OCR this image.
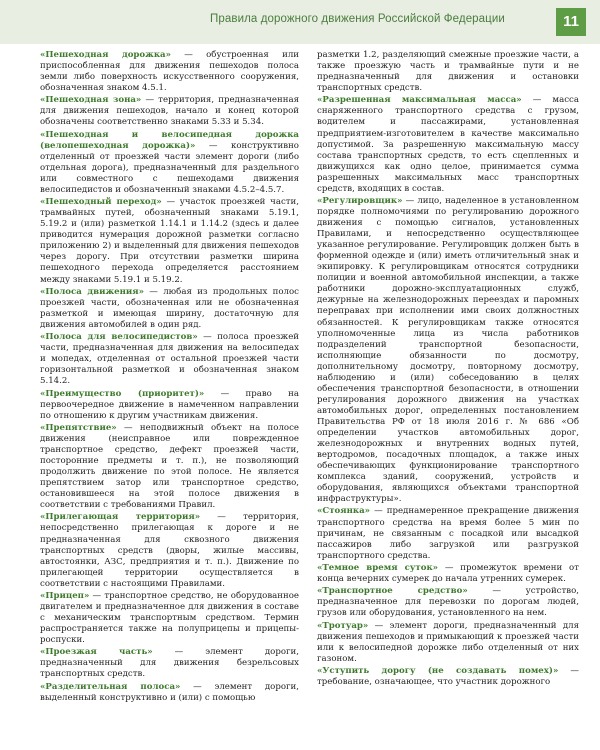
Правила дорожного движения Российской Федерации	11

«Пешеходная дорожка» — обустроенная или приспособленная для движения пешеходов полоса земли либо поверхность искусственного сооружения, обозначенная знаком 4.5.1.

«Пешеходная зона» — территория, предназначенная для движения пешеходов, начало и конец которой обозначены соответственно знаками 5.33 и 5.34.

«Пешеходная и велосипедная дорожка (велопешеходная дорожка)» — конструктивно отделенный от проезжей части элемент дороги (либо отдельная дорога), предназначенный для раздельного или совместного с пешеходами движения велосипедистов и обозначенный знаками 4.5.2–4.5.7.

«Пешеходный переход» — участок проезжей части, трамвайных путей, обозначенный знаками 5.19.1, 5.19.2 и (или) разметкой 1.14.1 и 1.14.2 (здесь и далее приводится нумерация дорожной разметки согласно приложению 2) и выделенный для движения пешеходов через дорогу. При отсутствии разметки ширина пешеходного перехода определяется расстоянием между знаками 5.19.1 и 5.19.2.

«Полоса движения» — любая из продольных полос проезжей части, обозначенная или не обозначенная разметкой и имеющая ширину, достаточную для движения автомобилей в один ряд.

«Полоса для велосипедистов» — полоса проезжей части, предназначенная для движения на велосипедах и мопедах, отделенная от остальной проезжей части горизонтальной разметкой и обозначенная знаком 5.14.2.

«Преимущество (приоритет)» — право на первоочередное движение в намеченном направлении по отношению к другим участникам движения.

«Препятствие» — неподвижный объект на полосе движения (неисправное или поврежденное транспортное средство, дефект проезжей части, посторонние предметы и т. п.), не позволяющий продолжить движение по этой полосе. Не является препятствием затор или транспортное средство, остановившееся на этой полосе движения в соответствии с требованиями Правил.

«Прилегающая территория» — территория, непосредственно прилегающая к дороге и не предназначенная для сквозного движения транспортных средств (дворы, жилые массивы, автостоянки, АЗС, предприятия и т. п.). Движение по прилегающей территории осуществляется в соответствии с настоящими Правилами.

«Прицеп» — транспортное средство, не оборудованное двигателем и предназначенное для движения в составе с механическим транспортным средством. Термин распространяется также на полуприцепы и прицепы-роспуски.

«Проезжая часть» — элемент дороги, предназначенный для движения безрельсовых транспортных средств.

«Разделительная полоса» — элемент дороги, выделенный конструктивно и (или) с помощью

разметки 1.2, разделяющий смежные проезжие части, а также проезжую часть и трамвайные пути и не предназначенный для движения и остановки транспортных средств.

«Разрешенная максимальная масса» — масса снаряженного транспортного средства с грузом, водителем и пассажирами, установленная предприятием-изготовителем в качестве максимально допустимой. За разрешенную максимальную массу состава транспортных средств, то есть сцепленных и движущихся как одно целое, принимается сумма разрешенных максимальных масс транспортных средств, входящих в состав.

«Регулировщик» — лицо, наделенное в установленном порядке полномочиями по регулированию дорожного движения с помощью сигналов, установленных Правилами, и непосредственно осуществляющее указанное регулирование. Регулировщик должен быть в форменной одежде и (или) иметь отличительный знак и экипировку. К регулировщикам относятся сотрудники полиции и военной автомобильной инспекции, а также работники дорожно-эксплуатационных служб, дежурные на железнодорожных переездах и паромных переправах при исполнении ими своих должностных обязанностей. К регулировщикам также относятся уполномоченные лица из числа работников подразделений транспортной безопасности, исполняющие обязанности по досмотру, дополнительному досмотру, повторному досмотру, наблюдению и (или) собеседованию в целях обеспечения транспортной безопасности, в отношении регулирования дорожного движения на участках автомобильных дорог, определенных постановлением Правительства РФ от 18 июля 2016 г. № 686 «Об определении участков автомобильных дорог, железнодорожных и внутренних водных путей, вертодромов, посадочных площадок, а также иных обеспечивающих функционирование транспортного комплекса зданий, сооружений, устройств и оборудования, являющихся объектами транспортной инфраструктуры».

«Стоянка» — преднамеренное прекращение движения транспортного средства на время более 5 мин по причинам, не связанным с посадкой или высадкой пассажиров либо загрузкой или разгрузкой транспортного средства.

«Темное время суток» — промежуток времени от конца вечерних сумерек до начала утренних сумерек.

«Транспортное средство» — устройство, предназначенное для перевозки по дорогам людей, грузов или оборудования, установленного на нем.

«Тротуар» — элемент дороги, предназначенный для движения пешеходов и примыкающий к проезжей части или к велосипедной дорожке либо отделенный от них газоном.

«Уступить дорогу (не создавать помех)» — требование, означающее, что участник дорожного
